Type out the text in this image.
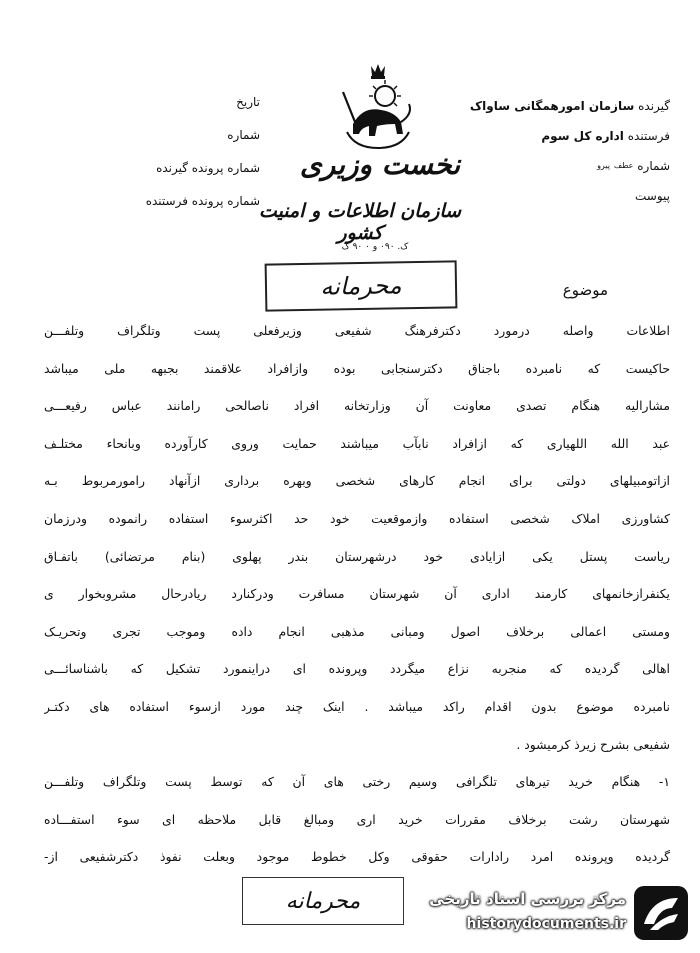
تاریخ
شماره
شماره پرونده گیرنده
شماره پرونده فرستنده
نخست وزیری
سازمان اطلاعات و امنیت کشور
ک. ۰۹۰ و ۰ ۹۰ ک
گیرنده سازمان امورهمگانی ساواک
فرستنده اداره کل سوم
شماره $^{عطف}$ $^{پیرو}$
پیوست
موضوع
محرمانه
اطلاعات واصله درمورد دکترفرهنگ شفیعی وزیرفعلی پست وتلگراف وتلفـــن
حاکیست که نامبرده باجناق دکترسنجابی بوده وازافراد علاقمند بجبهه ملی میباشد
مشارالیه هنگام تصدی معاونت آن وزارتخانه افراد ناصالحی رامانند عباس رفیعـــی
عبد الله اللهیاری که ازافراد نابآب میباشند حمایت وروی کارآورده وبانحاء مختلـف
ازاتومبیلهای دولتی برای انجام کارهای شخصی وبهره برداری ازآنهاد رامورمربوط بـه
کشاورزی املاک شخصی استفاده وازموقعیت خود حد اکثرسوء استفاده رانموده ودرزمان
ریاست پستل یکی ازایادی خود درشهرستان بندر پهلوی (بنام مرتضائی) باتفـاق
یکنفرازخانمهای کارمند اداری آن شهرستان مسافرت ودرکنارد ریادرحال مشروبخوار ی
ومستی اعمالی برخلاف اصول ومبانی مذهبی انجام داده وموجب تجری وتحریـک
اهالی گردیده که منجربه نزاع میگردد وپرونده ای دراینمورد تشکیل که باشناسائـــی
نامبرده موضوع بدون اقدام راکد میباشد . اینک چند مورد ازسوء استفاده های دکتـر
شفیعی بشرح زیرذ کرمیشود .
۱- هنگام خرید تیرهای تلگرافی وسیم رختی های آن که توسط پست وتلگراف وتلفـــن
شهرستان رشت برخلاف مقررات خرید اری ومبالغ قابل ملاحظه ای سوء استفـــاده
گردیده وپرونده امرد رادارات حقوقی وکل خطوط موجود وبعلت نفوذ دکترشفیعی از-
محرمانه	مرکز بررسی اسناد تاریخی
historydocuments.ir
